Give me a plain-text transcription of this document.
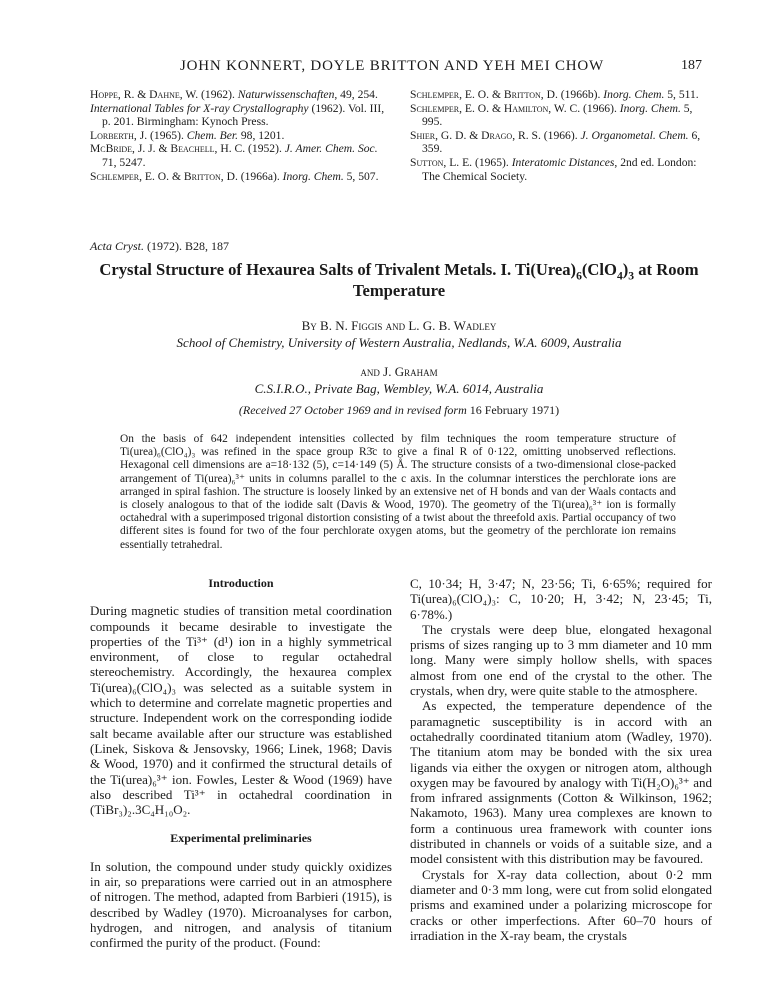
JOHN KONNERT, DOYLE BRITTON AND YEH MEI CHOW	187

Hoppe, R. & Dahne, W. (1962). Naturwissenschaften, 49, 254.

International Tables for X-ray Crystallography (1962). Vol. III, p. 201. Birmingham: Kynoch Press.

Lorberth, J. (1965). Chem. Ber. 98, 1201.

McBride, J. J. & Beachell, H. C. (1952). J. Amer. Chem. Soc. 71, 5247.

Schlemper, E. O. & Britton, D. (1966a). Inorg. Chem. 5, 507.

Schlemper, E. O. & Britton, D. (1966b). Inorg. Chem. 5, 511.

Schlemper, E. O. & Hamilton, W. C. (1966). Inorg. Chem. 5, 995.

Shier, G. D. & Drago, R. S. (1966). J. Organometal. Chem. 6, 359.

Sutton, L. E. (1965). Interatomic Distances, 2nd ed. London: The Chemical Society.

Acta Cryst. (1972). B28, 187
Crystal Structure of Hexaurea Salts of Trivalent Metals. I. $Ti(Urea)_6(ClO_4)_3$ at Room Temperature
By B. N. Figgis and L. G. B. Wadley
School of Chemistry, University of Western Australia, Nedlands, W.A. 6009, Australia
and J. Graham
C.S.I.R.O., Private Bag, Wembley, W.A. 6014, Australia
(Received 27 October 1969 and in revised form 16 February 1971)
On the basis of 642 independent intensities collected by film techniques the room temperature structure of Ti(urea)₆(ClO₄)₃ was refined in the space group R3̄c to give a final R of 0·122, omitting unobserved reflections. Hexagonal cell dimensions are a=18·132 (5), c=14·149 (5) Å. The structure consists of a two-dimensional close-packed arrangement of Ti(urea)₆³⁺ units in columns parallel to the c axis. In the columnar interstices the perchlorate ions are arranged in spiral fashion. The structure is loosely linked by an extensive net of H bonds and van der Waals contacts and is closely analogous to that of the iodide salt (Davis & Wood, 1970). The geometry of the Ti(urea)₆³⁺ ion is formally octahedral with a superimposed trigonal distortion consisting of a twist about the threefold axis. Partial occupancy of two different sites is found for two of the four perchlorate oxygen atoms, but the geometry of the perchlorate ion remains essentially tetrahedral.
Introduction

During magnetic studies of transition metal coordination compounds it became desirable to investigate the properties of the Ti³⁺ (d¹) ion in a highly symmetrical environment, of close to regular octahedral stereochemistry. Accordingly, the hexaurea complex Ti(urea)₆(ClO₄)₃ was selected as a suitable system in which to determine and correlate magnetic properties and structure. Independent work on the corresponding iodide salt became available after our structure was established (Linek, Siskova & Jensovsky, 1966; Linek, 1968; Davis & Wood, 1970) and it confirmed the structural details of the Ti(urea)₆³⁺ ion. Fowles, Lester & Wood (1969) have also described Ti³⁺ in octahedral coordination in (TiBr₃)₂.3C₄H₁₀O₂.

Experimental preliminaries

In solution, the compound under study quickly oxidizes in air, so preparations were carried out in an atmosphere of nitrogen. The method, adapted from Barbieri (1915), is described by Wadley (1970). Microanalyses for carbon, hydrogen, and nitrogen, and analysis of titanium confirmed the purity of the product. (Found:

C, 10·34; H, 3·47; N, 23·56; Ti, 6·65%; required for Ti(urea)₆(ClO₄)₃: C, 10·20; H, 3·42; N, 23·45; Ti, 6·78%.)

The crystals were deep blue, elongated hexagonal prisms of sizes ranging up to 3 mm diameter and 10 mm long. Many were simply hollow shells, with spaces almost from one end of the crystal to the other. The crystals, when dry, were quite stable to the atmosphere.

As expected, the temperature dependence of the paramagnetic susceptibility is in accord with an octahedrally coordinated titanium atom (Wadley, 1970). The titanium atom may be bonded with the six urea ligands via either the oxygen or nitrogen atom, although oxygen may be favoured by analogy with Ti(H₂O)₆³⁺ and from infrared assignments (Cotton & Wilkinson, 1962; Nakamoto, 1963). Many urea complexes are known to form a continuous urea framework with counter ions distributed in channels or voids of a suitable size, and a model consistent with this distribution may be favoured.

Crystals for X-ray data collection, about 0·2 mm diameter and 0·3 mm long, were cut from solid elongated prisms and examined under a polarizing microscope for cracks or other imperfections. After 60–70 hours of irradiation in the X-ray beam, the crystals
